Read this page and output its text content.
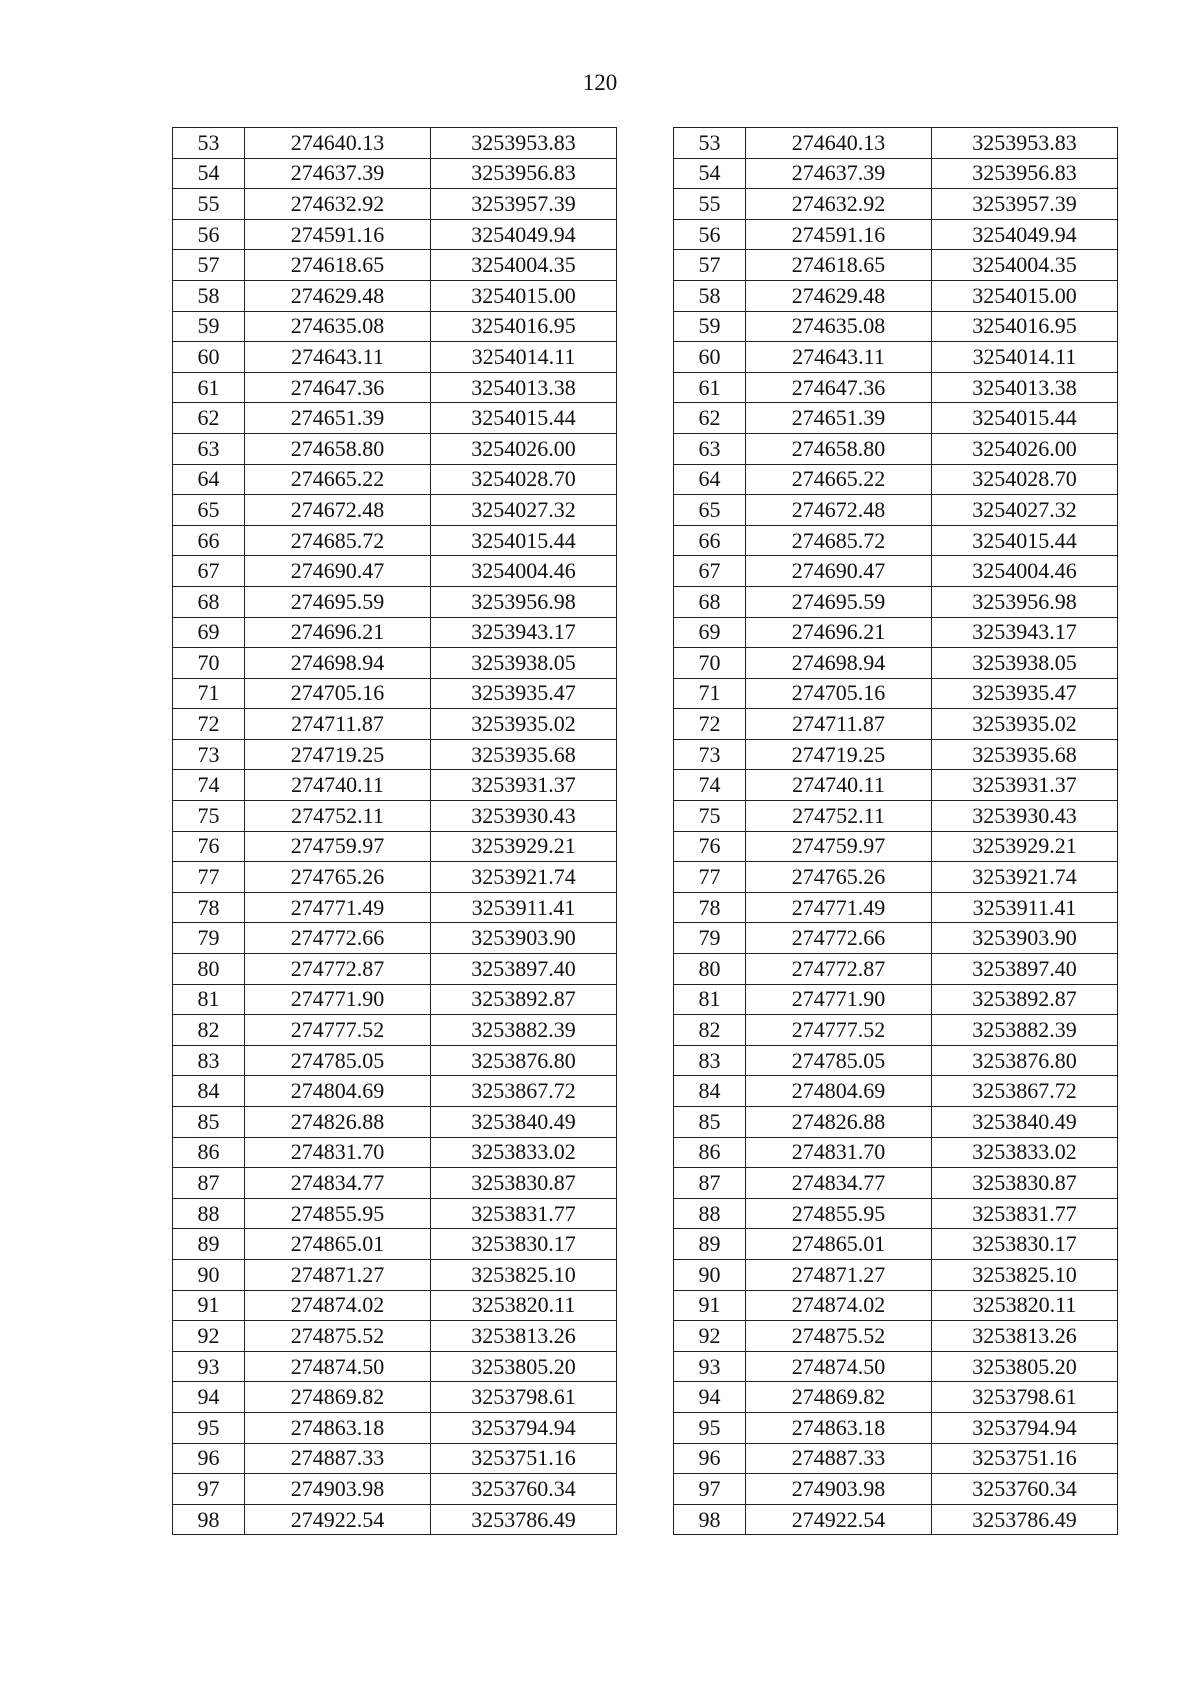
120
53	274640.13	3253953.83		53	274640.13	3253953.83
54	274637.39	3253956.83		54	274637.39	3253956.83
55	274632.92	3253957.39		55	274632.92	3253957.39
56	274591.16	3254049.94		56	274591.16	3254049.94
57	274618.65	3254004.35		57	274618.65	3254004.35
58	274629.48	3254015.00		58	274629.48	3254015.00
59	274635.08	3254016.95		59	274635.08	3254016.95
60	274643.11	3254014.11		60	274643.11	3254014.11
61	274647.36	3254013.38		61	274647.36	3254013.38
62	274651.39	3254015.44		62	274651.39	3254015.44
63	274658.80	3254026.00		63	274658.80	3254026.00
64	274665.22	3254028.70		64	274665.22	3254028.70
65	274672.48	3254027.32		65	274672.48	3254027.32
66	274685.72	3254015.44		66	274685.72	3254015.44
67	274690.47	3254004.46		67	274690.47	3254004.46
68	274695.59	3253956.98		68	274695.59	3253956.98
69	274696.21	3253943.17		69	274696.21	3253943.17
70	274698.94	3253938.05		70	274698.94	3253938.05
71	274705.16	3253935.47		71	274705.16	3253935.47
72	274711.87	3253935.02		72	274711.87	3253935.02
73	274719.25	3253935.68		73	274719.25	3253935.68
74	274740.11	3253931.37		74	274740.11	3253931.37
75	274752.11	3253930.43		75	274752.11	3253930.43
76	274759.97	3253929.21		76	274759.97	3253929.21
77	274765.26	3253921.74		77	274765.26	3253921.74
78	274771.49	3253911.41		78	274771.49	3253911.41
79	274772.66	3253903.90		79	274772.66	3253903.90
80	274772.87	3253897.40		80	274772.87	3253897.40
81	274771.90	3253892.87		81	274771.90	3253892.87
82	274777.52	3253882.39		82	274777.52	3253882.39
83	274785.05	3253876.80		83	274785.05	3253876.80
84	274804.69	3253867.72		84	274804.69	3253867.72
85	274826.88	3253840.49		85	274826.88	3253840.49
86	274831.70	3253833.02		86	274831.70	3253833.02
87	274834.77	3253830.87		87	274834.77	3253830.87
88	274855.95	3253831.77		88	274855.95	3253831.77
89	274865.01	3253830.17		89	274865.01	3253830.17
90	274871.27	3253825.10		90	274871.27	3253825.10
91	274874.02	3253820.11		91	274874.02	3253820.11
92	274875.52	3253813.26		92	274875.52	3253813.26
93	274874.50	3253805.20		93	274874.50	3253805.20
94	274869.82	3253798.61		94	274869.82	3253798.61
95	274863.18	3253794.94		95	274863.18	3253794.94
96	274887.33	3253751.16		96	274887.33	3253751.16
97	274903.98	3253760.34		97	274903.98	3253760.34
98	274922.54	3253786.49		98	274922.54	3253786.49
